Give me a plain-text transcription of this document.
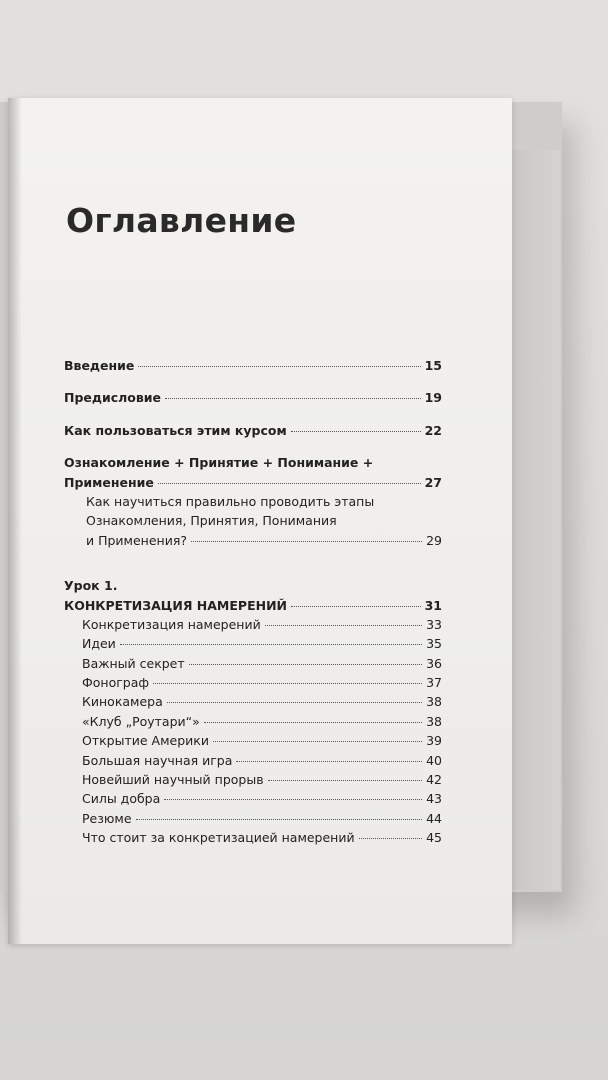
Оглавление
Введение	15
Предисловие	19
Как пользоваться этим курсом	22
Ознакомление + Принятие + Понимание +
Применение	27
Как научиться правильно проводить этапы
Ознакомления, Принятия, Понимания
и Применения?	29
Урок 1.
КОНКРЕТИЗАЦИЯ НАМЕРЕНИЙ	31
Конкретизация намерений	33
Идеи	35
Важный секрет	36
Фонограф	37
Кинокамера	38
«Клуб „Роутари“»	38
Открытие Америки	39
Большая научная игра	40
Новейший научный прорыв	42
Силы добра	43
Резюме	44
Что стоит за конкретизацией намерений	45
